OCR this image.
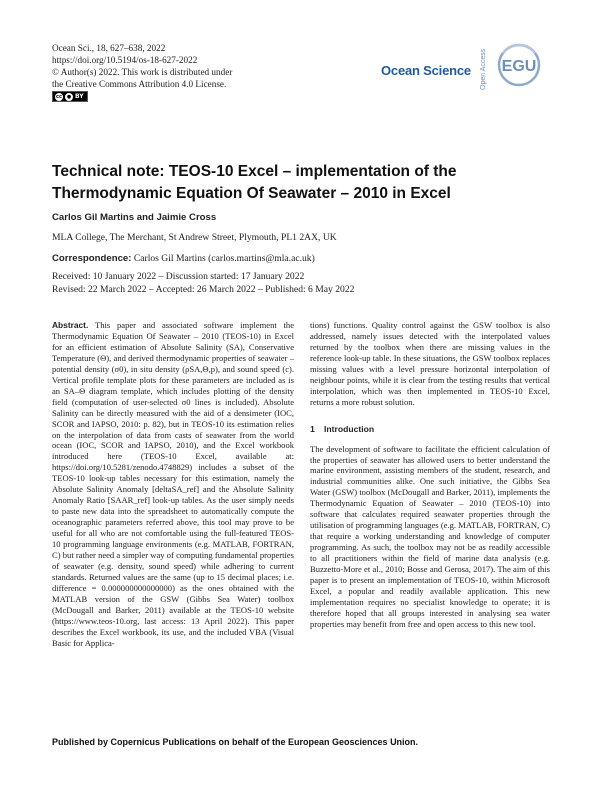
Ocean Sci., 18, 627–638, 2022
https://doi.org/10.5194/os-18-627-2022
© Author(s) 2022. This work is distributed under
the Creative Commons Attribution 4.0 License.
cc ● BY
Ocean Science Open Access EGU
Technical note: TEOS-10 Excel – implementation of the Thermodynamic Equation Of Seawater – 2010 in Excel
Carlos Gil Martins and Jaimie Cross
MLA College, The Merchant, St Andrew Street, Plymouth, PL1 2AX, UK
Correspondence: Carlos Gil Martins (carlos.martins@mla.ac.uk)
Received: 10 January 2022 – Discussion started: 17 January 2022
Revised: 22 March 2022 – Accepted: 26 March 2022 – Published: 6 May 2022
Abstract. This paper and associated software implement the Thermodynamic Equation Of Seawater – 2010 (TEOS-10) in Excel for an efficient estimation of Absolute Salinity (SA), Conservative Temperature (Θ), and derived thermodynamic properties of seawater – potential density (σ0), in situ density (ρSA,Θ,p), and sound speed (c). Vertical profile template plots for these parameters are included as is an SA–Θ diagram template, which includes plotting of the density field (computation of user-selected σ0 lines is included). Absolute Salinity can be directly measured with the aid of a densimeter (IOC, SCOR and IAPSO, 2010: p. 82), but in TEOS-10 its estimation relies on the interpolation of data from casts of seawater from the world ocean (IOC, SCOR and IAPSO, 2010), and the Excel workbook introduced here (TEOS-10 Excel, available at: https://doi.org/10.5281/zenodo.4748829) includes a subset of the TEOS-10 look-up tables necessary for this estimation, namely the Absolute Salinity Anomaly [deltaSA_ref] and the Absolute Salinity Anomaly Ratio [SAAR_ref] look-up tables. As the user simply needs to paste new data into the spreadsheet to automatically compute the oceanographic parameters referred above, this tool may prove to be useful for all who are not comfortable using the full-featured TEOS-10 programming language environments (e.g. MATLAB, FORTRAN, C) but rather need a simpler way of computing fundamental properties of seawater (e.g. density, sound speed) while adhering to current standards. Returned values are the same (up to 15 decimal places; i.e. difference = 0.000000000000000) as the ones obtained with the MATLAB version of the GSW (Gibbs Sea Water) toolbox (McDougall and Barker, 2011) available at the TEOS-10 website (https://www.teos-10.org, last access: 13 April 2022). This paper describes the Excel workbook, its use, and the included VBA (Visual Basic for Applica-
tions) functions. Quality control against the GSW toolbox is also addressed, namely issues detected with the interpolated values returned by the toolbox when there are missing values in the reference look-up table. In these situations, the GSW toolbox replaces missing values with a level pressure horizontal interpolation of neighbour points, while it is clear from the testing results that vertical interpolation, which was then implemented in TEOS-10 Excel, returns a more robust solution.
1 Introduction
The development of software to facilitate the efficient calculation of the properties of seawater has allowed users to better understand the marine environment, assisting members of the student, research, and industrial communities alike. One such initiative, the Gibbs Sea Water (GSW) toolbox (McDougall and Barker, 2011), implements the Thermodynamic Equation of Seawater – 2010 (TEOS-10) into software that calculates required seawater properties through the utilisation of programming languages (e.g. MATLAB, FORTRAN, C) that require a working understanding and knowledge of computer programming. As such, the toolbox may not be as readily accessible to all practitioners within the field of marine data analysis (e.g. Buzzetto-More et al., 2010; Bosse and Gerosa, 2017). The aim of this paper is to present an implementation of TEOS-10, within Microsoft Excel, a popular and readily available application. This new implementation requires no specialist knowledge to operate; it is therefore hoped that all groups interested in analysing sea water properties may benefit from free and open access to this new tool.
Published by Copernicus Publications on behalf of the European Geosciences Union.
